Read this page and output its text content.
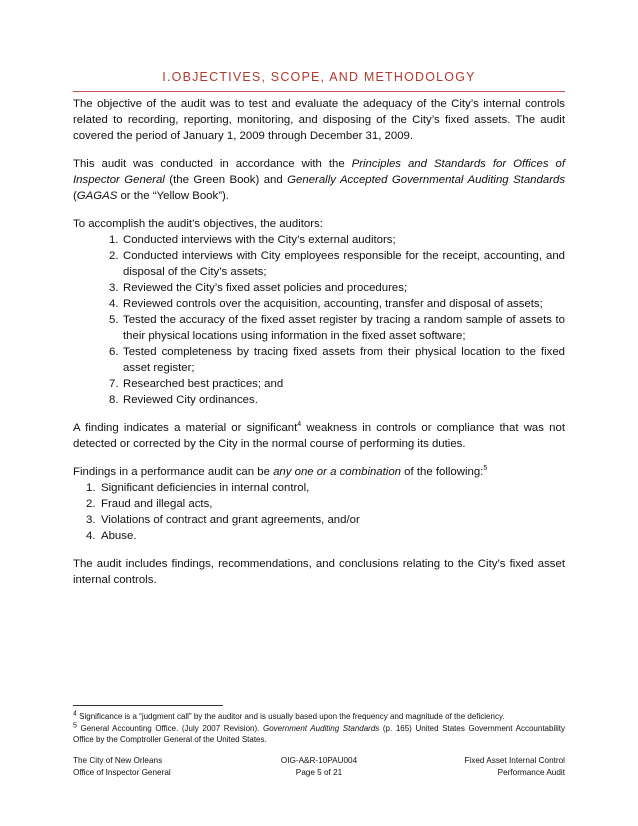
I.OBJECTIVES, SCOPE, AND METHODOLOGY

The objective of the audit was to test and evaluate the adequacy of the City’s internal controls related to recording, reporting, monitoring, and disposing of the City’s fixed assets. The audit covered the period of January 1, 2009 through December 31, 2009.

This audit was conducted in accordance with the Principles and Standards for Offices of Inspector General (the Green Book) and Generally Accepted Governmental Auditing Standards (GAGAS or the “Yellow Book”).

To accomplish the audit’s objectives, the auditors:

1. Conducted interviews with the City’s external auditors;
2. Conducted interviews with City employees responsible for the receipt, accounting, and disposal of the City’s assets;
3. Reviewed the City’s fixed asset policies and procedures;
4. Reviewed controls over the acquisition, accounting, transfer and disposal of assets;
5. Tested the accuracy of the fixed asset register by tracing a random sample of assets to their physical locations using information in the fixed asset software;
6. Tested completeness by tracing fixed assets from their physical location to the fixed asset register;
7. Researched best practices; and
8. Reviewed City ordinances.

A finding indicates a material or significant$^4$ weakness in controls or compliance that was not detected or corrected by the City in the normal course of performing its duties.

Findings in a performance audit can be any one or a combination of the following:$^5$

1. Significant deficiencies in internal control,
2. Fraud and illegal acts,
3. Violations of contract and grant agreements, and/or
4. Abuse.

The audit includes findings, recommendations, and conclusions relating to the City’s fixed asset internal controls.

$^4$ Significance is a “judgment call” by the auditor and is usually based upon the frequency and magnitude of the deficiency.

$^5$ General Accounting Office. (July 2007 Revision). Government Auditing Standards (p. 165) United States Government Accountability Office by the Comptroller General of the United States.

The City of New Orleans	OIG-A&R-10PAU004	Fixed Asset Internal Control
Office of Inspector General	Page 5 of 21	Performance Audit
